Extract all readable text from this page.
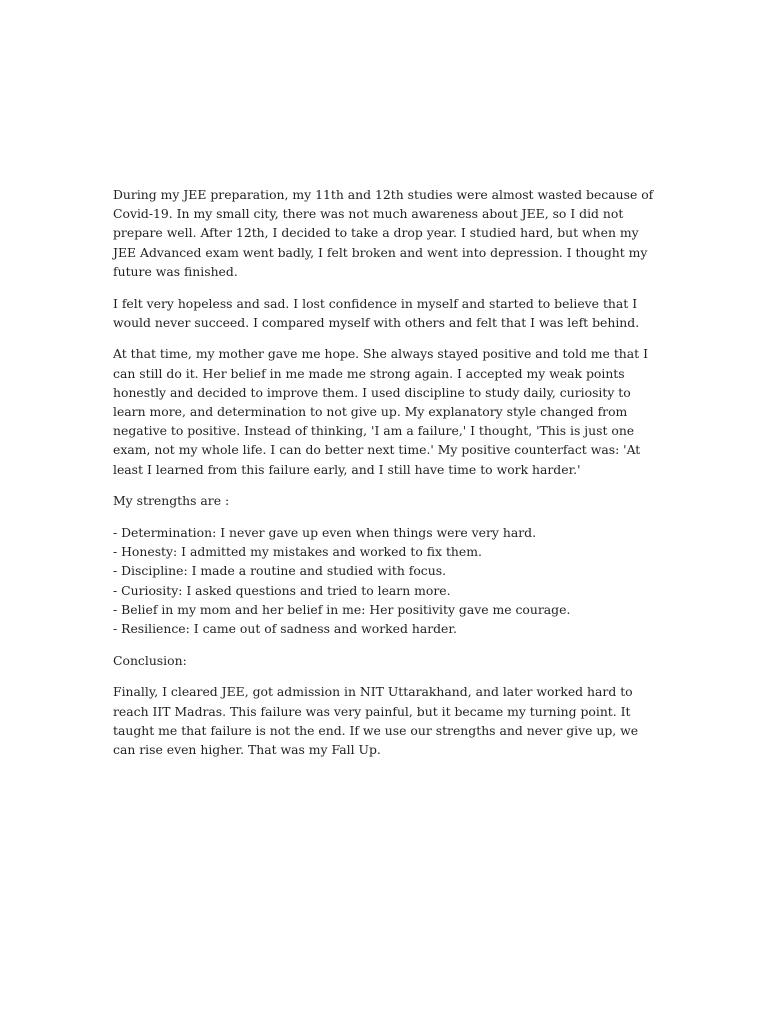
During my JEE preparation, my 11th and 12th studies were almost wasted because of Covid-19. In my small city, there was not much awareness about JEE, so I did not prepare well. After 12th, I decided to take a drop year. I studied hard, but when my JEE Advanced exam went badly, I felt broken and went into depression. I thought my future was finished.

I felt very hopeless and sad. I lost confidence in myself and started to believe that I would never succeed. I compared myself with others and felt that I was left behind.

At that time, my mother gave me hope. She always stayed positive and told me that I can still do it. Her belief in me made me strong again. I accepted my weak points honestly and decided to improve them. I used discipline to study daily, curiosity to learn more, and determination to not give up. My explanatory style changed from negative to positive. Instead of thinking, 'I am a failure,' I thought, 'This is just one exam, not my whole life. I can do better next time.' My positive counterfact was: 'At least I learned from this failure early, and I still have time to work harder.'

My strengths are :

- Determination: I never gave up even when things were very hard.
- Honesty: I admitted my mistakes and worked to fix them.
- Discipline: I made a routine and studied with focus.
- Curiosity: I asked questions and tried to learn more.
- Belief in my mom and her belief in me: Her positivity gave me courage.
- Resilience: I came out of sadness and worked harder.

Conclusion:

Finally, I cleared JEE, got admission in NIT Uttarakhand, and later worked hard to reach IIT Madras. This failure was very painful, but it became my turning point. It taught me that failure is not the end. If we use our strengths and never give up, we can rise even higher. That was my Fall Up.
